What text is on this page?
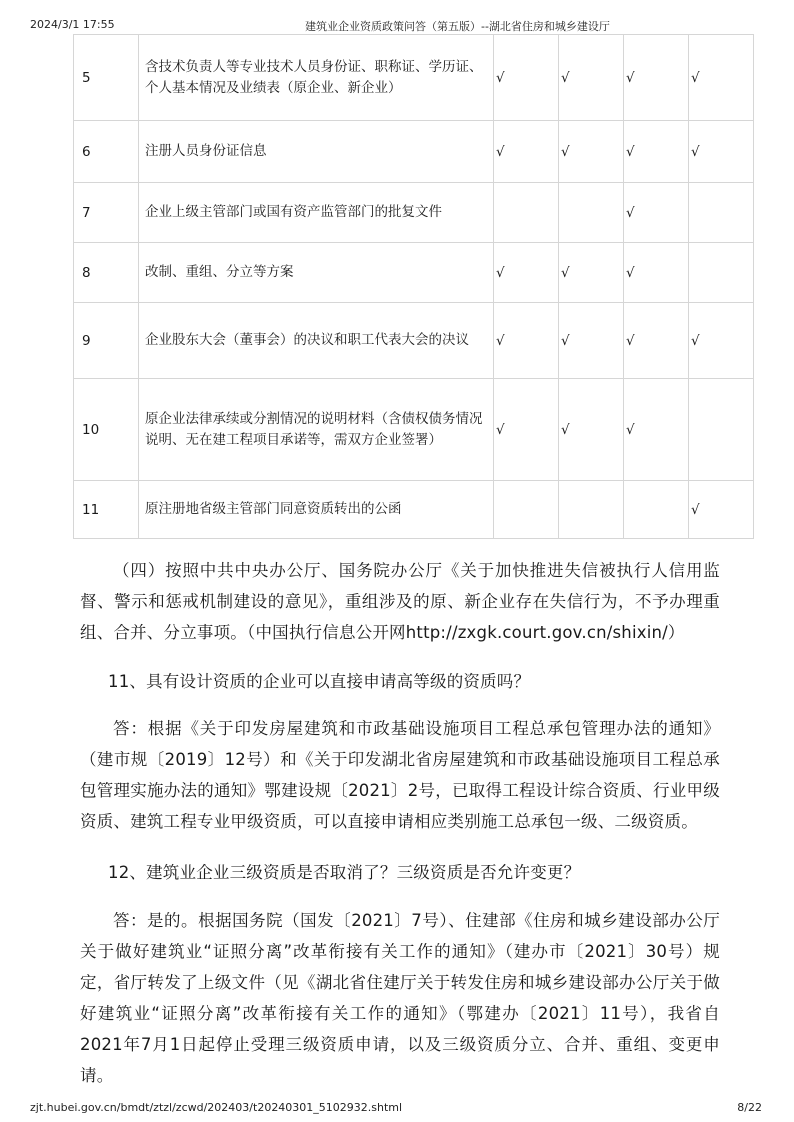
2024/3/1 17:55	建筑业企业资质政策问答（第五版）--湖北省住房和城乡建设厅
5	含技术负责人等专业技术人员身份证、职称证、学历证、个人基本情况及业绩表（原企业、新企业）	√	√	√	√
6	注册人员身份证信息	√	√	√	√
7	企业上级主管部门或国有资产监管部门的批复文件			√	
8	改制、重组、分立等方案	√	√	√	
9	企业股东大会（董事会）的决议和职工代表大会的决议	√	√	√	√
10	原企业法律承续或分割情况的说明材料（含债权债务情况说明、无在建工程项目承诺等，需双方企业签署）	√	√	√	
11	原注册地省级主管部门同意资质转出的公函				√
（四）按照中共中央办公厅、国务院办公厅《关于加快推进失信被执行人信用监督、警示和惩戒机制建设的意见》，重组涉及的原、新企业存在失信行为，不予办理重组、合并、分立事项。（中国执行信息公开网http://zxgk.court.gov.cn/shixin/）
11、具有设计资质的企业可以直接申请高等级的资质吗？
答：根据《关于印发房屋建筑和市政基础设施项目工程总承包管理办法的通知》（建市规〔2019〕12号）和《关于印发湖北省房屋建筑和市政基础设施项目工程总承包管理实施办法的通知》鄂建设规〔2021〕2号，已取得工程设计综合资质、行业甲级资质、建筑工程专业甲级资质，可以直接申请相应类别施工总承包一级、二级资质。
12、建筑业企业三级资质是否取消了？三级资质是否允许变更？
答：是的。根据国务院（国发〔2021〕7号）、住建部《住房和城乡建设部办公厅关于做好建筑业“证照分离”改革衔接有关工作的通知》（建办市〔2021〕30号）规定，省厅转发了上级文件（见《湖北省住建厅关于转发住房和城乡建设部办公厅关于做好建筑业“证照分离”改革衔接有关工作的通知》（鄂建办〔2021〕11号），我省自2021年7月1日起停止受理三级资质申请，以及三级资质分立、合并、重组、变更申请。
zjt.hubei.gov.cn/bmdt/ztzl/zcwd/202403/t20240301_5102932.shtml	8/22
